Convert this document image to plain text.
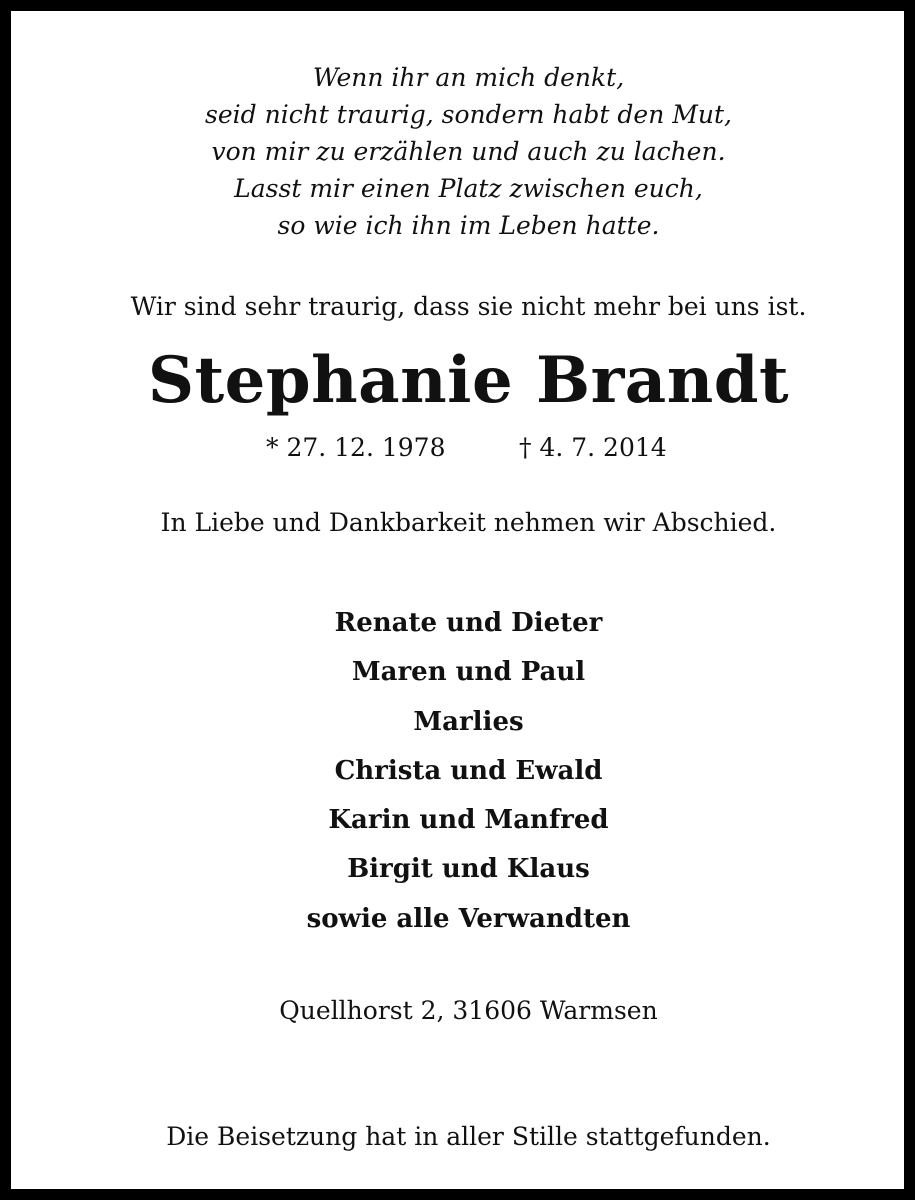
Wenn ihr an mich denkt,
seid nicht traurig, sondern habt den Mut,
von mir zu erzählen und auch zu lachen.
Lasst mir einen Platz zwischen euch,
so wie ich ihn im Leben hatte.
Wir sind sehr traurig, dass sie nicht mehr bei uns ist.
Stephanie Brandt
* 27. 12. 1978	† 4. 7. 2014
In Liebe und Dankbarkeit nehmen wir Abschied.
Renate und Dieter
Maren und Paul
Marlies
Christa und Ewald
Karin und Manfred
Birgit und Klaus
sowie alle Verwandten
Quellhorst 2, 31606 Warmsen
Die Beisetzung hat in aller Stille stattgefunden.
